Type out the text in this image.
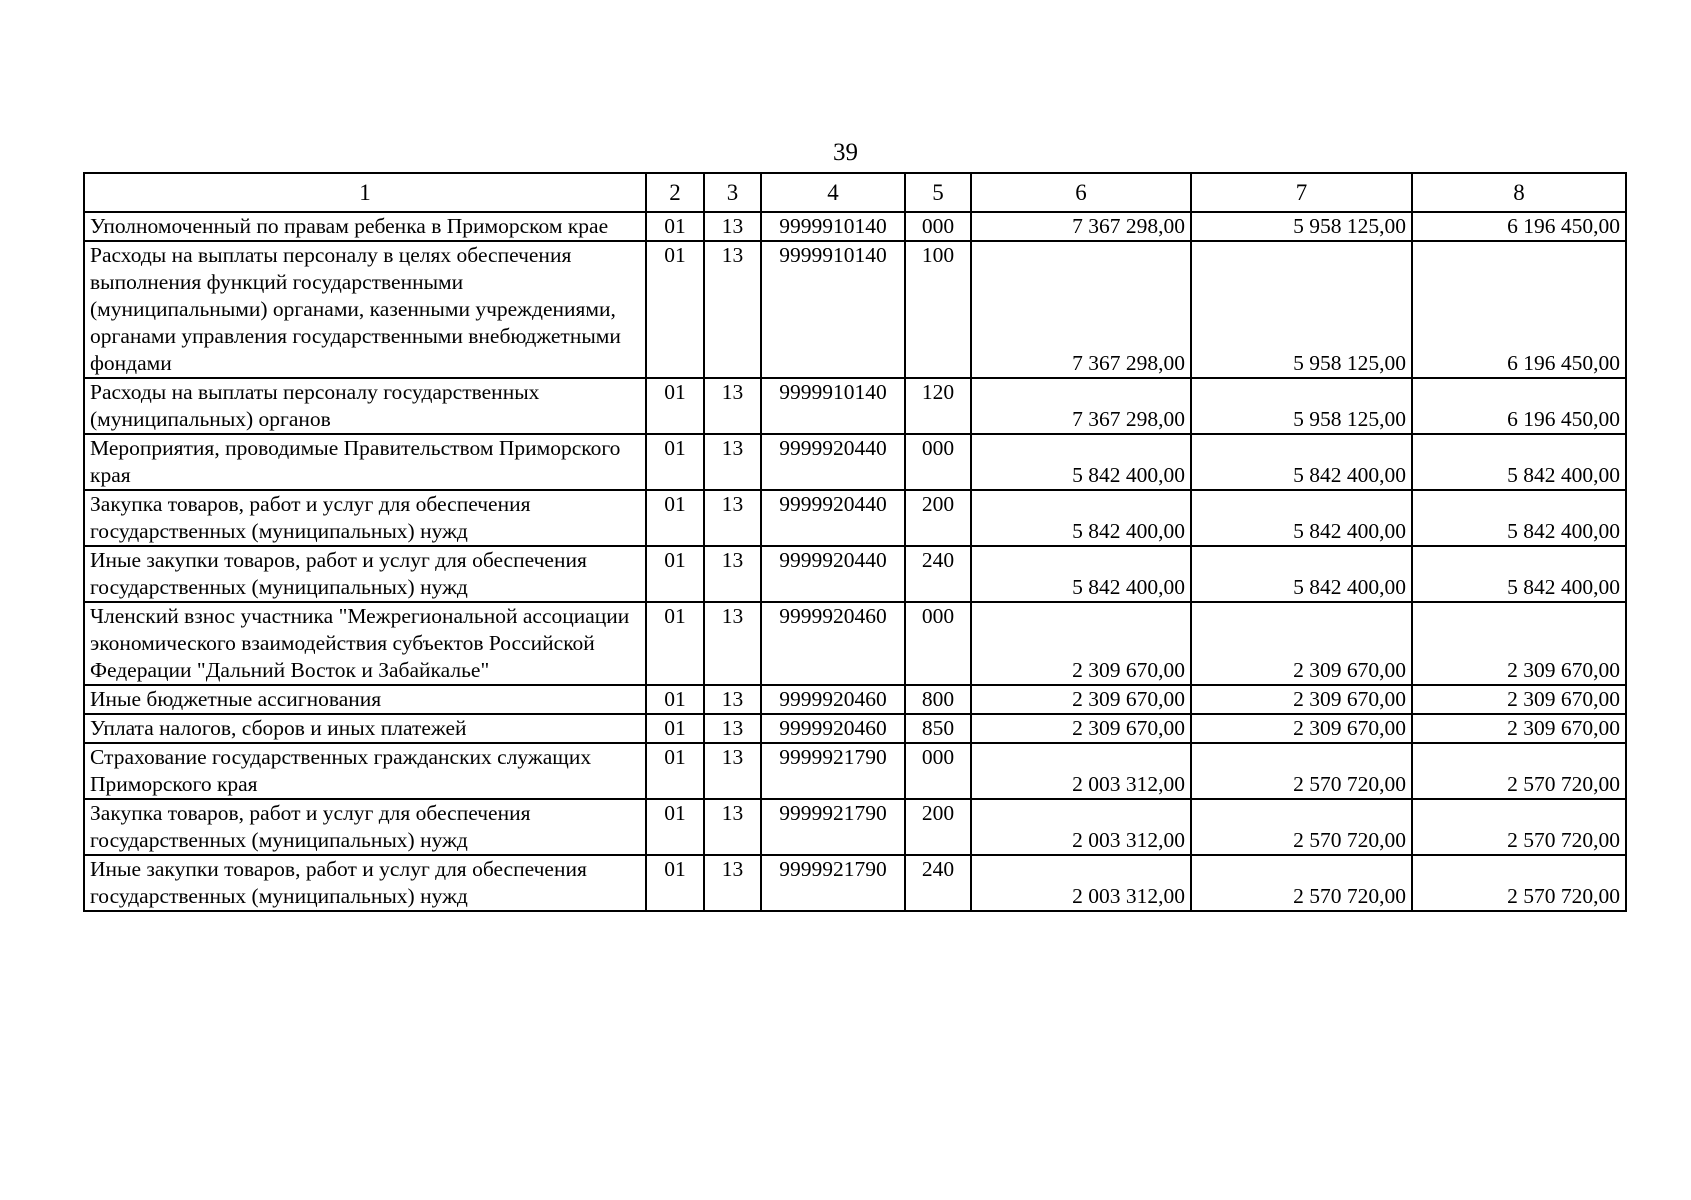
39
1	2	3	4	5	6	7	8
Уполномоченный по правам ребенка в Приморском крае	01	13	9999910140	000	7 367 298,00	5 958 125,00	6 196 450,00
Расходы на выплаты персоналу в целях обеспечения выполнения функций государственными (муниципальными) органами, казенными учреждениями, органами управления государственными внебюджетными фондами	01	13	9999910140	100	7 367 298,00	5 958 125,00	6 196 450,00
Расходы на выплаты персоналу государственных (муниципальных) органов	01	13	9999910140	120	7 367 298,00	5 958 125,00	6 196 450,00
Мероприятия, проводимые Правительством Приморского края	01	13	9999920440	000	5 842 400,00	5 842 400,00	5 842 400,00
Закупка товаров, работ и услуг для обеспечения государственных (муниципальных) нужд	01	13	9999920440	200	5 842 400,00	5 842 400,00	5 842 400,00
Иные закупки товаров, работ и услуг для обеспечения государственных (муниципальных) нужд	01	13	9999920440	240	5 842 400,00	5 842 400,00	5 842 400,00
Членский взнос участника "Межрегиональной ассоциации экономического взаимодействия субъектов Российской Федерации "Дальний Восток и Забайкалье"	01	13	9999920460	000	2 309 670,00	2 309 670,00	2 309 670,00
Иные бюджетные ассигнования	01	13	9999920460	800	2 309 670,00	2 309 670,00	2 309 670,00
Уплата налогов, сборов и иных платежей	01	13	9999920460	850	2 309 670,00	2 309 670,00	2 309 670,00
Страхование государственных гражданских служащих Приморского края	01	13	9999921790	000	2 003 312,00	2 570 720,00	2 570 720,00
Закупка товаров, работ и услуг для обеспечения государственных (муниципальных) нужд	01	13	9999921790	200	2 003 312,00	2 570 720,00	2 570 720,00
Иные закупки товаров, работ и услуг для обеспечения государственных (муниципальных) нужд	01	13	9999921790	240	2 003 312,00	2 570 720,00	2 570 720,00
